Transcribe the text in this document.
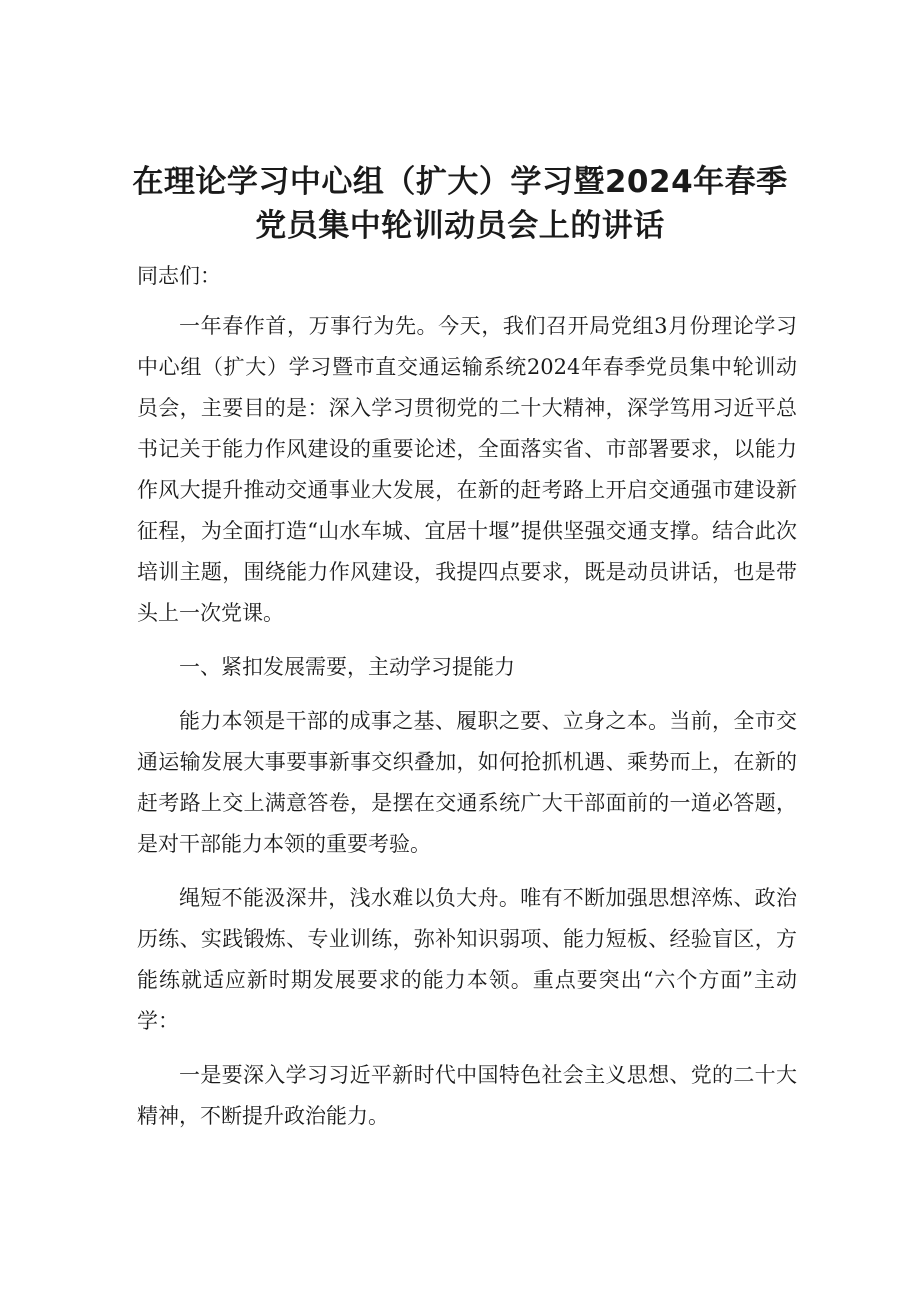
在理论学习中心组（扩大）学习暨2024年春季
党员集中轮训动员会上的讲话

同志们：

一年春作首，万事行为先。今天，我们召开局党组3月份理论学习中心组（扩大）学习暨市直交通运输系统2024年春季党员集中轮训动员会，主要目的是：深入学习贯彻党的二十大精神，深学笃用习近平总书记关于能力作风建设的重要论述，全面落实省、市部署要求，以能力作风大提升推动交通事业大发展，在新的赶考路上开启交通强市建设新征程，为全面打造“山水车城、宜居十堰”提供坚强交通支撑。结合此次培训主题，围绕能力作风建设，我提四点要求，既是动员讲话，也是带头上一次党课。

一、紧扣发展需要，主动学习提能力

能力本领是干部的成事之基、履职之要、立身之本。当前，全市交通运输发展大事要事新事交织叠加，如何抢抓机遇、乘势而上，在新的赶考路上交上满意答卷，是摆在交通系统广大干部面前的一道必答题，是对干部能力本领的重要考验。

绳短不能汲深井，浅水难以负大舟。唯有不断加强思想淬炼、政治历练、实践锻炼、专业训练，弥补知识弱项、能力短板、经验盲区，方能练就适应新时期发展要求的能力本领。重点要突出“六个方面”主动学：

一是要深入学习习近平新时代中国特色社会主义思想、党的二十大精神，不断提升政治能力。
